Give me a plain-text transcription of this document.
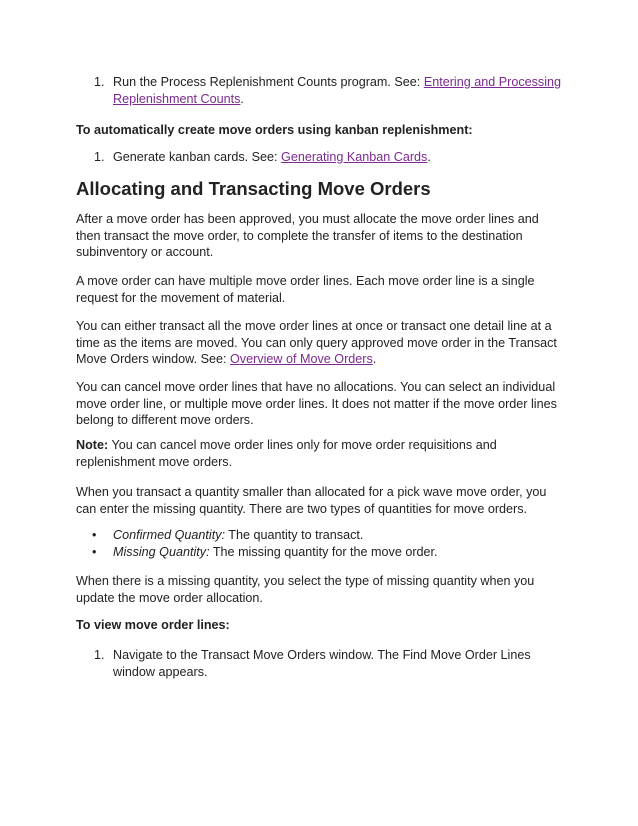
1. Run the Process Replenishment Counts program. See: Entering and Processing Replenishment Counts.

To automatically create move orders using kanban replenishment:

1. Generate kanban cards. See: Generating Kanban Cards.
Allocating and Transacting Move Orders

After a move order has been approved, you must allocate the move order lines and then transact the move order, to complete the transfer of items to the destination subinventory or account.

A move order can have multiple move order lines. Each move order line is a single request for the movement of material.

You can either transact all the move order lines at once or transact one detail line at a time as the items are moved. You can only query approved move order in the Transact Move Orders window. See: Overview of Move Orders.

You can cancel move order lines that have no allocations. You can select an individual move order line, or multiple move order lines. It does not matter if the move order lines belong to different move orders.

Note: You can cancel move order lines only for move order requisitions and replenishment move orders.

When you transact a quantity smaller than allocated for a pick wave move order, you can enter the missing quantity. There are two types of quantities for move orders.

• Confirmed Quantity: The quantity to transact.
• Missing Quantity: The missing quantity for the move order.

When there is a missing quantity, you select the type of missing quantity when you update the move order allocation.

To view move order lines:

1. Navigate to the Transact Move Orders window. The Find Move Order Lines window appears.
